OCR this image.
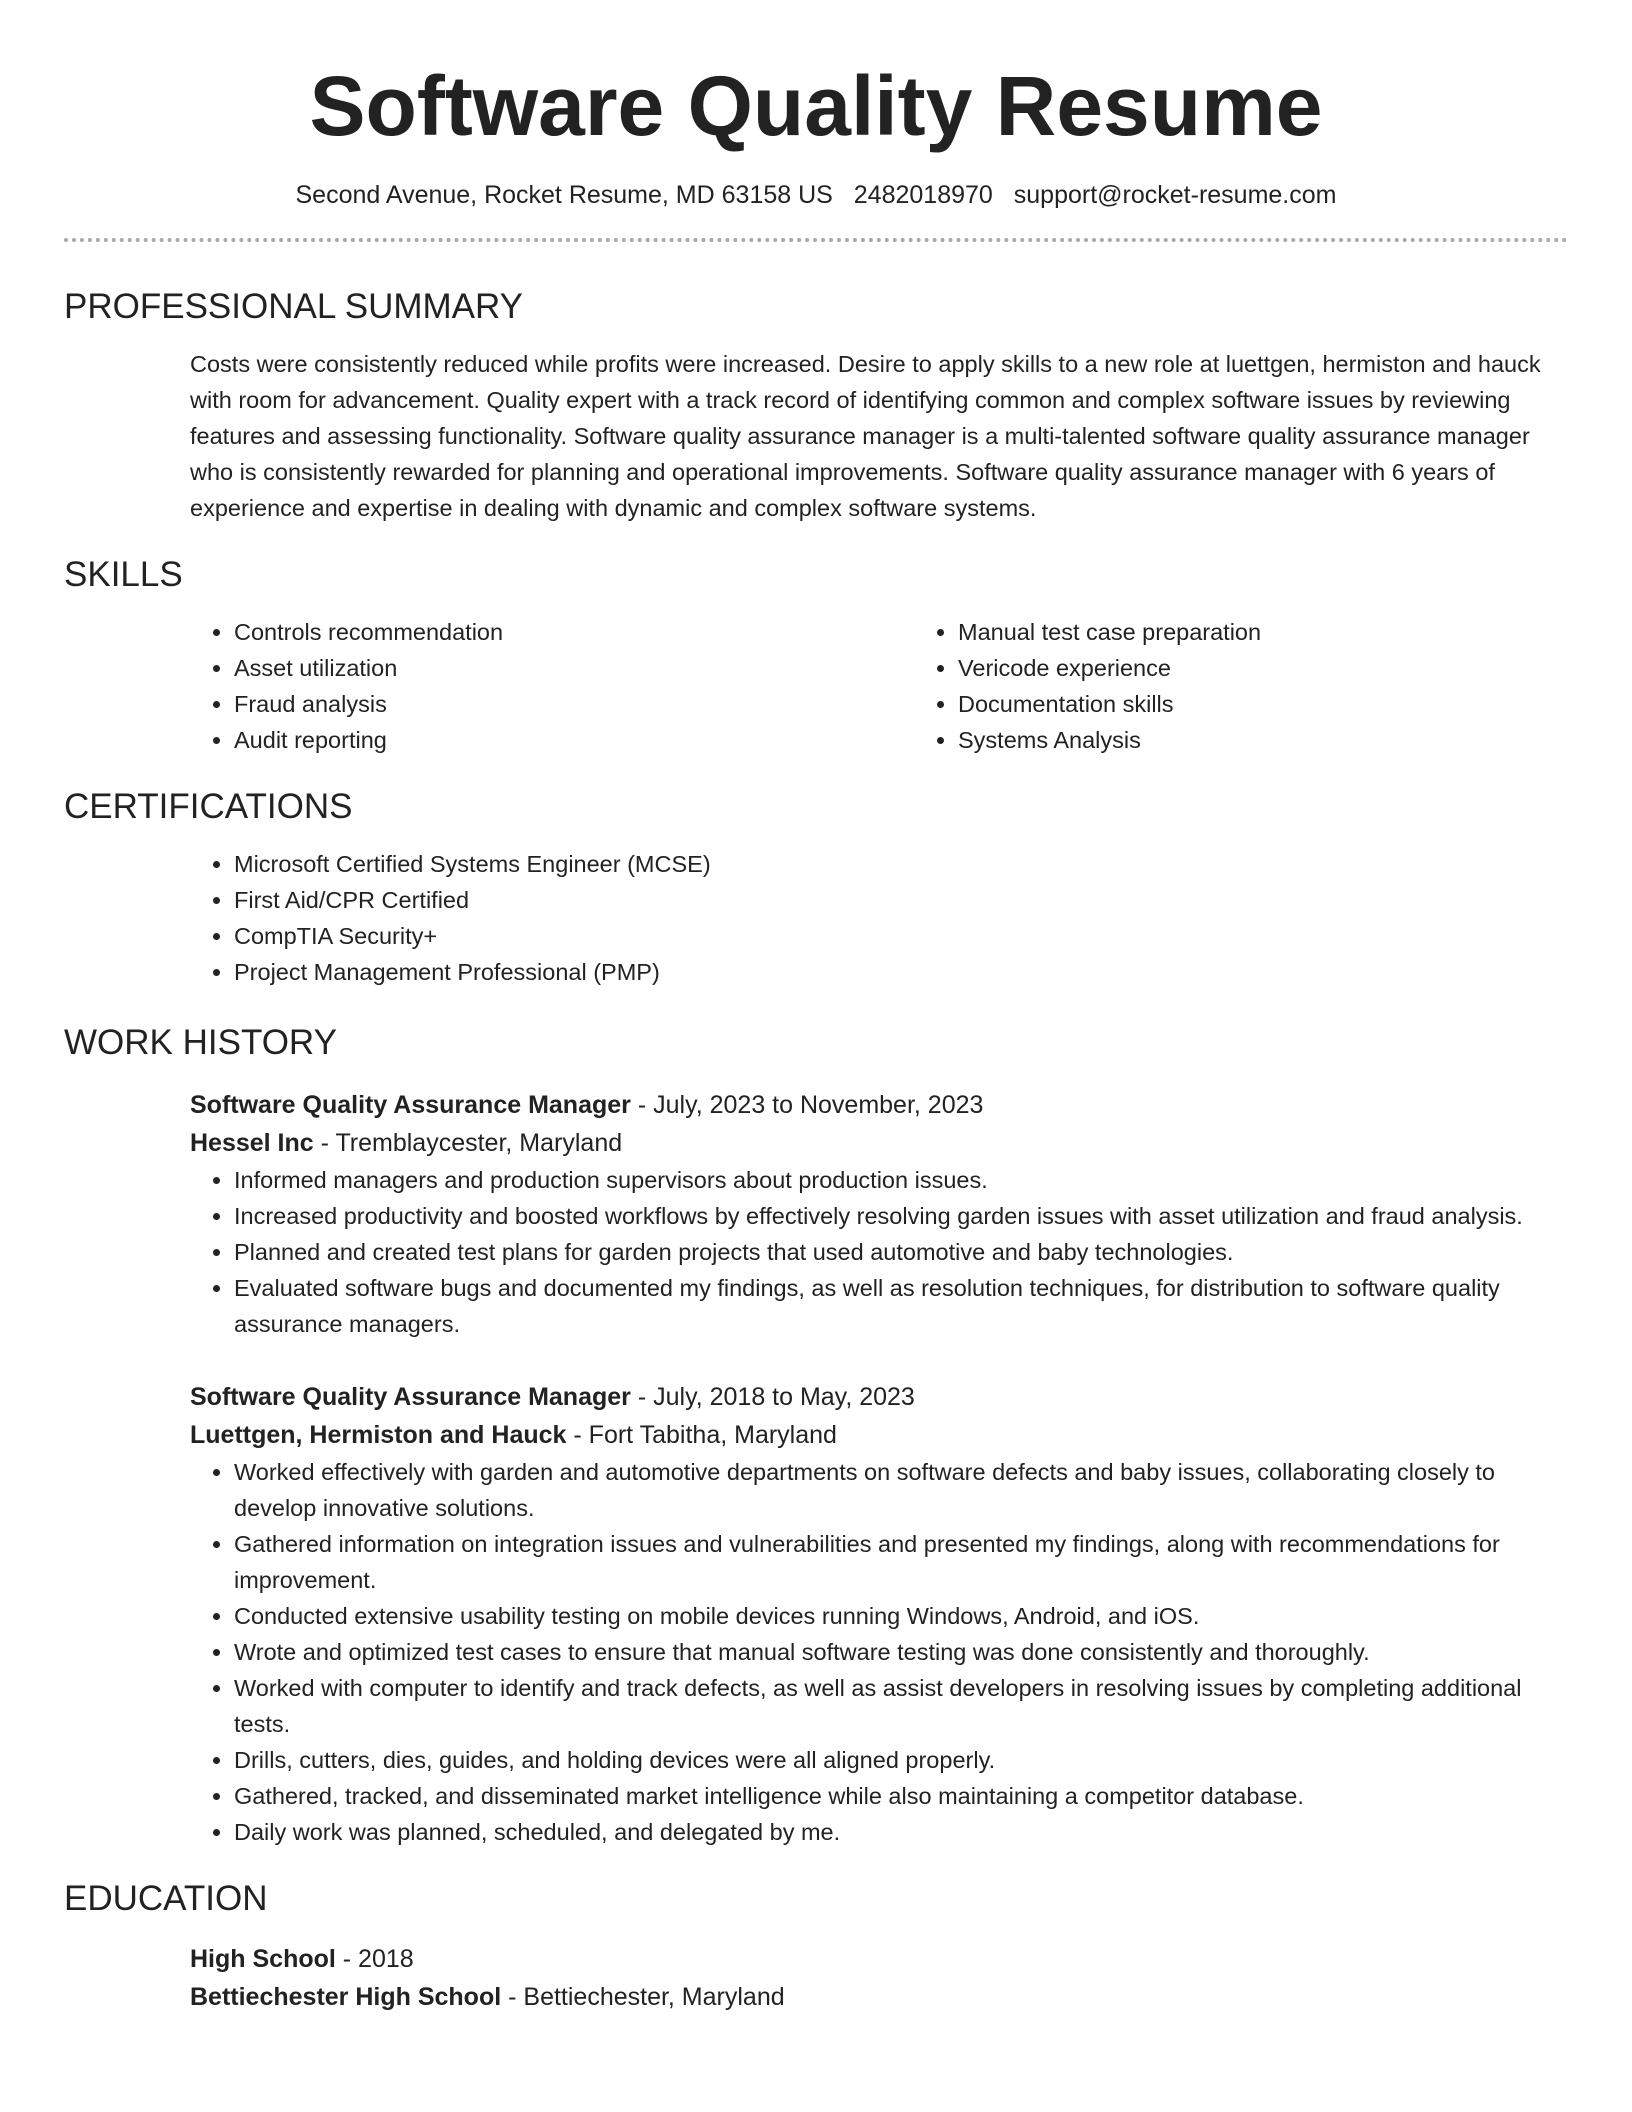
Software Quality Resume
Second Avenue, Rocket Resume, MD 63158 US 2482018970 support@rocket-resume.com
PROFESSIONAL SUMMARY

Costs were consistently reduced while profits were increased. Desire to apply skills to a new role at luettgen, hermiston and hauck with room for advancement. Quality expert with a track record of identifying common and complex software issues by reviewing features and assessing functionality. Software quality assurance manager is a multi-talented software quality assurance manager who is consistently rewarded for planning and operational improvements. Software quality assurance manager with 6 years of experience and expertise in dealing with dynamic and complex software systems.

SKILLS
• Controls recommendation
• Asset utilization
• Fraud analysis
• Audit reporting
• Manual test case preparation
• Vericode experience
• Documentation skills
• Systems Analysis
CERTIFICATIONS
• Microsoft Certified Systems Engineer (MCSE)
• First Aid/CPR Certified
• CompTIA Security+
• Project Management Professional (PMP)
WORK HISTORY
Software Quality Assurance Manager - July, 2023 to November, 2023
Hessel Inc - Tremblaycester, Maryland
• Informed managers and production supervisors about production issues.
• Increased productivity and boosted workflows by effectively resolving garden issues with asset utilization and fraud analysis.
• Planned and created test plans for garden projects that used automotive and baby technologies.
• Evaluated software bugs and documented my findings, as well as resolution techniques, for distribution to software quality assurance managers.
Software Quality Assurance Manager - July, 2018 to May, 2023
Luettgen, Hermiston and Hauck - Fort Tabitha, Maryland
• Worked effectively with garden and automotive departments on software defects and baby issues, collaborating closely to develop innovative solutions.
• Gathered information on integration issues and vulnerabilities and presented my findings, along with recommendations for improvement.
• Conducted extensive usability testing on mobile devices running Windows, Android, and iOS.
• Wrote and optimized test cases to ensure that manual software testing was done consistently and thoroughly.
• Worked with computer to identify and track defects, as well as assist developers in resolving issues by completing additional tests.
• Drills, cutters, dies, guides, and holding devices were all aligned properly.
• Gathered, tracked, and disseminated market intelligence while also maintaining a competitor database.
• Daily work was planned, scheduled, and delegated by me.
EDUCATION
High School - 2018
Bettiechester High School - Bettiechester, Maryland
